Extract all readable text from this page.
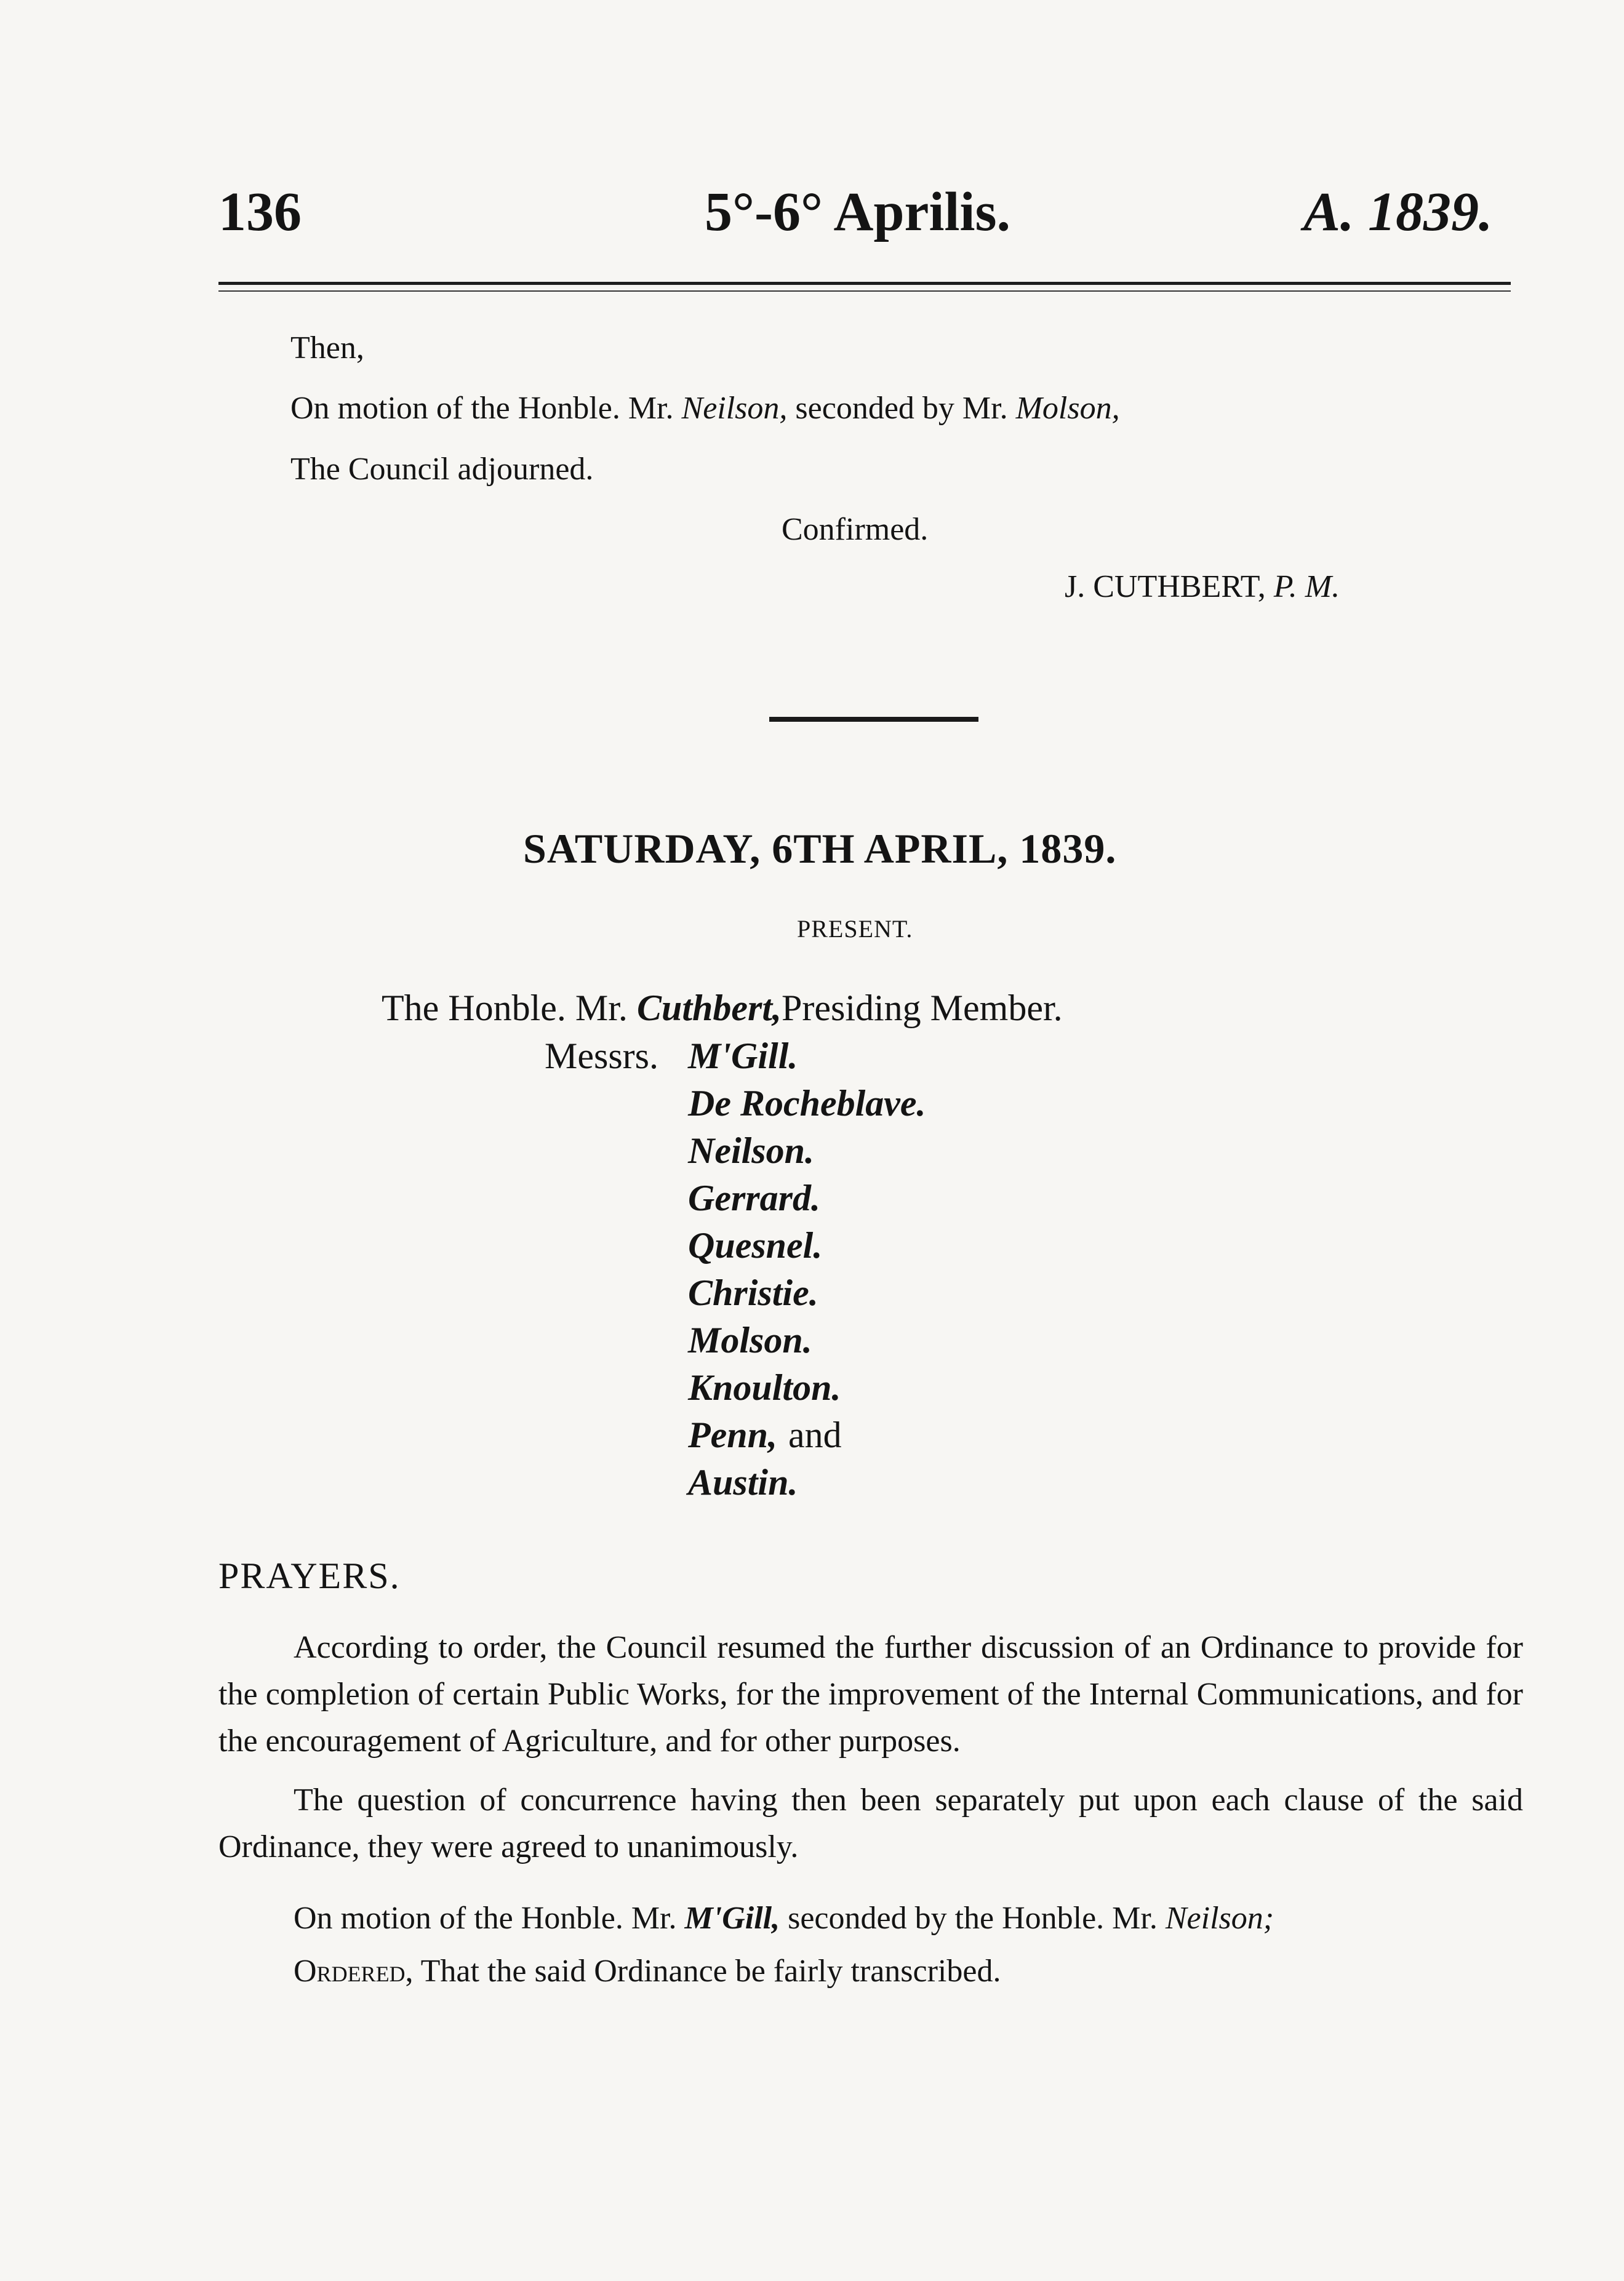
136	5°-6° Aprilis.	A. 1839.
Then,
On motion of the Honble. Mr. Neilson, seconded by Mr. Molson,
The Council adjourned.
Confirmed.
J. CUTHBERT, P. M.
SATURDAY, 6TH APRIL, 1839.
PRESENT.
The Honble. Mr. Cuthbert,Presiding Member.
Messrs. M'Gill.
De Rocheblave.
Neilson.
Gerrard.
Quesnel.
Christie.
Molson.
Knoulton.
Penn, and
Austin.
PRAYERS.
According to order, the Council resumed the further discussion of an Ordinance to provide for the completion of certain Public Works, for the improvement of the Internal Communications, and for the encouragement of Agriculture, and for other purposes.
The question of concurrence having then been separately put upon each clause of the said Ordinance, they were agreed to unanimously.
On motion of the Honble. Mr. M'Gill, seconded by the Honble. Mr. Neilson;
Ordered, That the said Ordinance be fairly transcribed.
